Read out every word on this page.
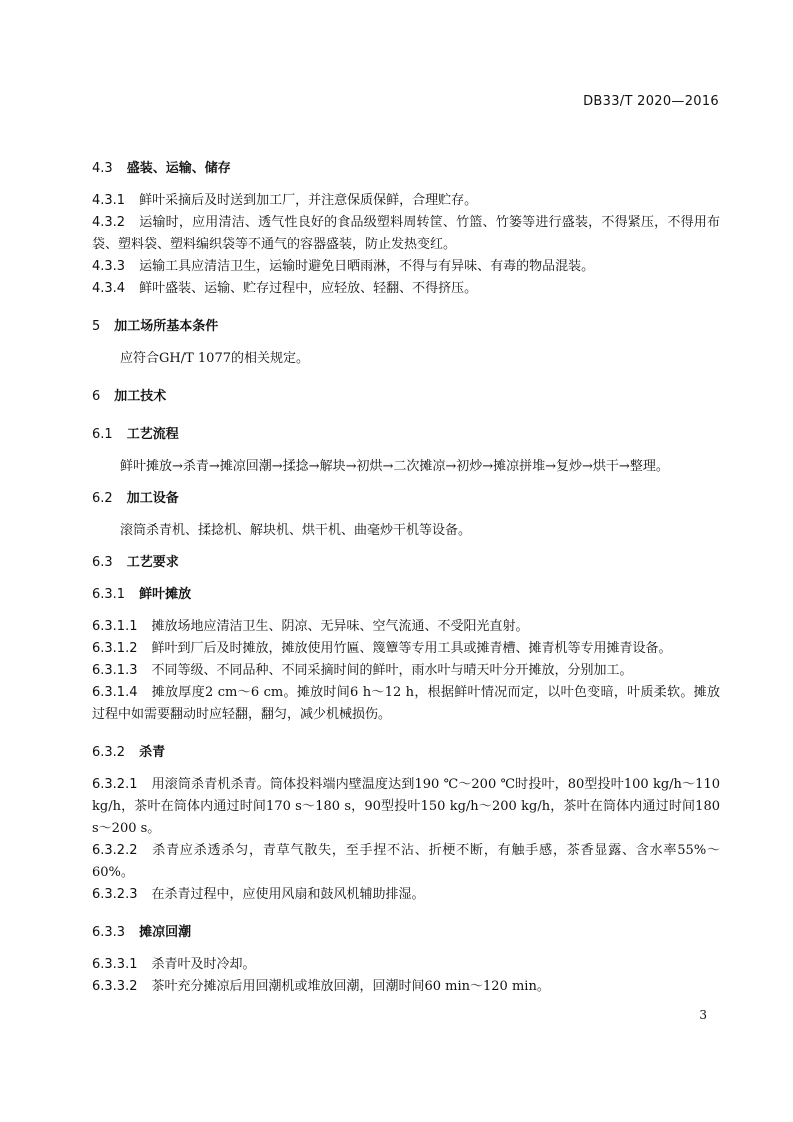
DB33/T 2020—2016
4.3 盛装、运输、储存
4.3.1 鲜叶采摘后及时送到加工厂，并注意保质保鲜，合理贮存。
4.3.2 运输时，应用清洁、透气性良好的食品级塑料周转筐、竹篮、竹篓等进行盛装，不得紧压，不得用布袋、塑料袋、塑料编织袋等不通气的容器盛装，防止发热变红。
4.3.3 运输工具应清洁卫生，运输时避免日晒雨淋，不得与有异味、有毒的物品混装。
4.3.4 鲜叶盛装、运输、贮存过程中，应轻放、轻翻、不得挤压。
5 加工场所基本条件
应符合GH/T 1077的相关规定。
6 加工技术
6.1 工艺流程
鲜叶摊放→杀青→摊凉回潮→揉捻→解块→初烘→二次摊凉→初炒→摊凉拼堆→复炒→烘干→整理。
6.2 加工设备
滚筒杀青机、揉捻机、解块机、烘干机、曲毫炒干机等设备。
6.3 工艺要求
6.3.1 鲜叶摊放
6.3.1.1 摊放场地应清洁卫生、阴凉、无异味、空气流通、不受阳光直射。
6.3.1.2 鲜叶到厂后及时摊放，摊放使用竹匾、篾簟等专用工具或摊青槽、摊青机等专用摊青设备。
6.3.1.3 不同等级、不同品种、不同采摘时间的鲜叶，雨水叶与晴天叶分开摊放，分别加工。
6.3.1.4 摊放厚度2 cm～6 cm。摊放时间6 h～12 h，根据鲜叶情况而定，以叶色变暗，叶质柔软。摊放过程中如需要翻动时应轻翻，翻匀，减少机械损伤。
6.3.2 杀青
6.3.2.1 用滚筒杀青机杀青。筒体投料端内壁温度达到190 ℃～200 ℃时投叶，80型投叶100 kg/h～110 kg/h，茶叶在筒体内通过时间170 s～180 s，90型投叶150 kg/h～200 kg/h，茶叶在筒体内通过时间180 s～200 s。
6.3.2.2 杀青应杀透杀匀，青草气散失，至手捏不沾、折梗不断，有触手感，茶香显露、含水率55%～60%。
6.3.2.3 在杀青过程中，应使用风扇和鼓风机辅助排湿。
6.3.3 摊凉回潮
6.3.3.1 杀青叶及时冷却。
6.3.3.2 茶叶充分摊凉后用回潮机或堆放回潮，回潮时间60 min～120 min。
3
